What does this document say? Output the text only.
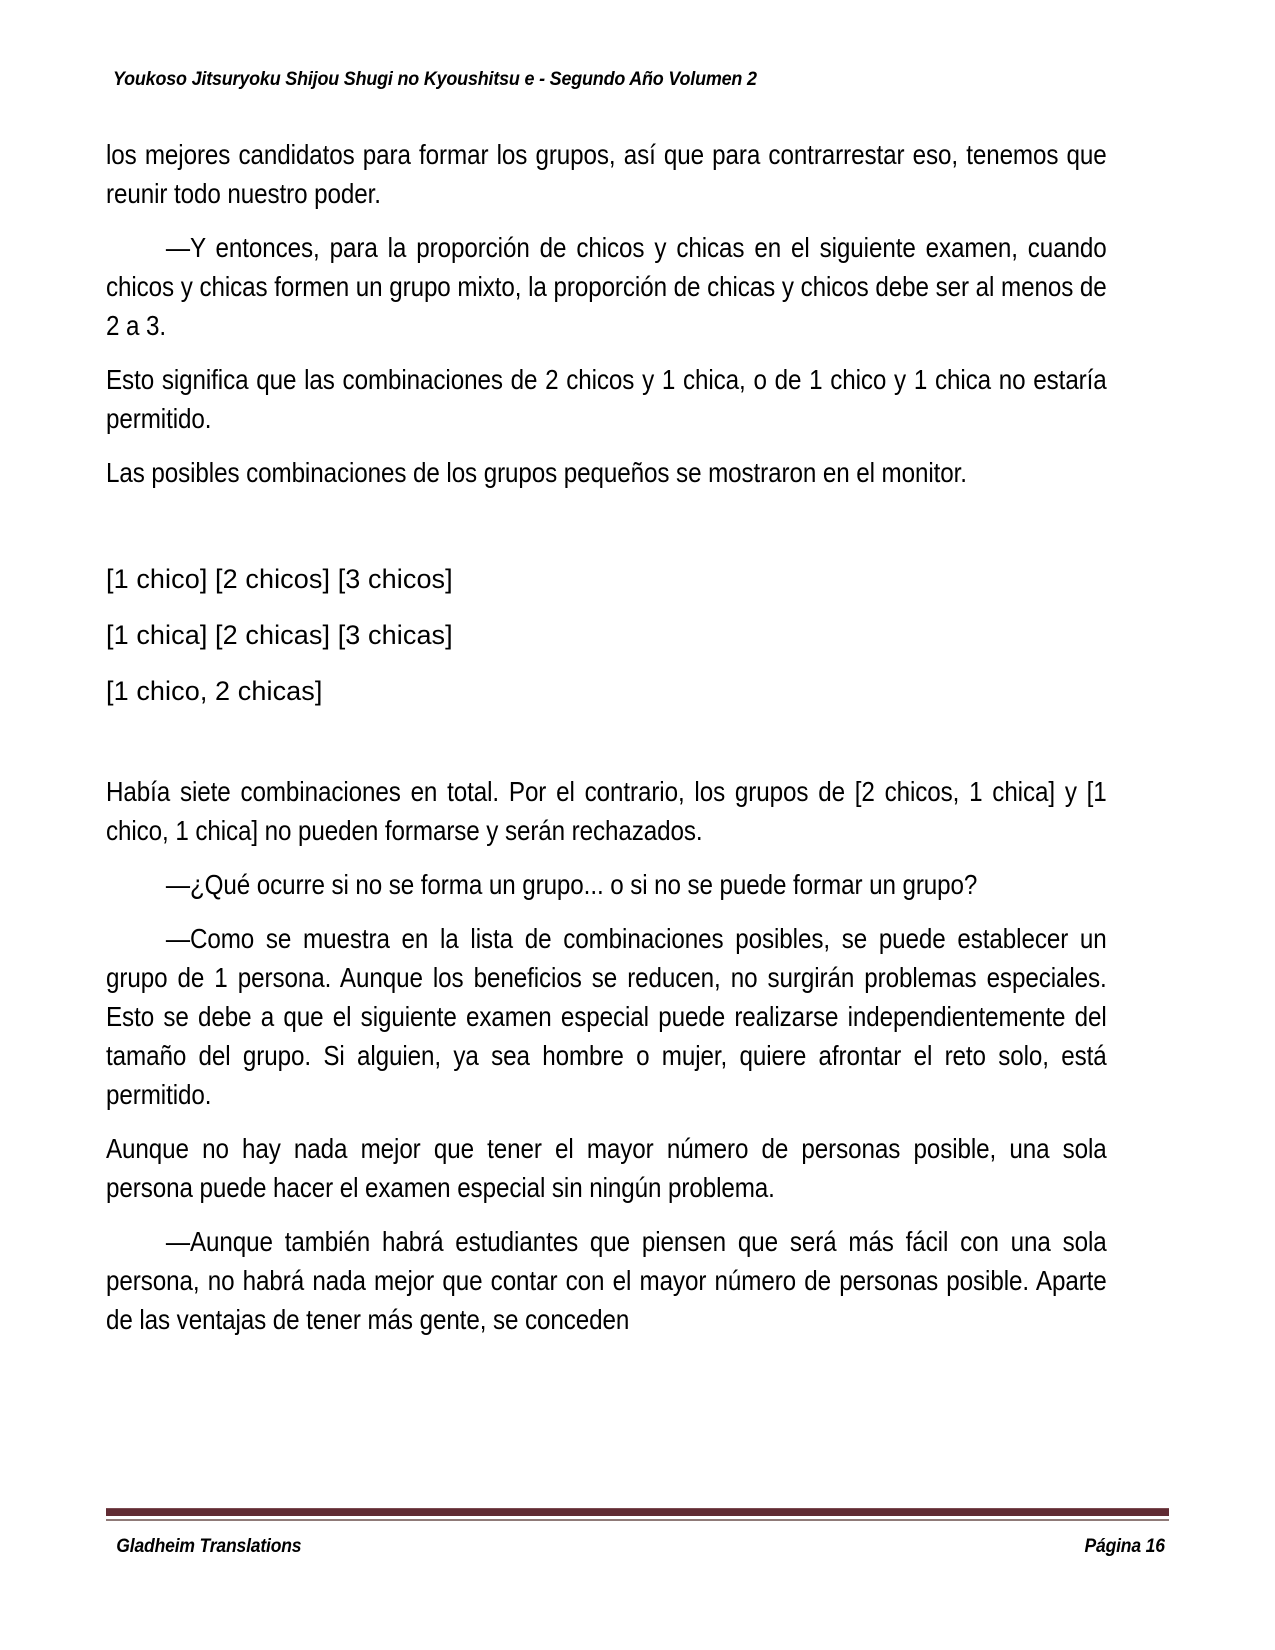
Youkoso Jitsuryoku Shijou Shugi no Kyoushitsu e - Segundo Año Volumen 2

los mejores candidatos para formar los grupos, así que para contrarrestar eso, tenemos que reunir todo nuestro poder.

—Y entonces, para la proporción de chicos y chicas en el siguiente examen, cuando chicos y chicas formen un grupo mixto, la proporción de chicas y chicos debe ser al menos de 2 a 3.

Esto significa que las combinaciones de 2 chicos y 1 chica, o de 1 chico y 1 chica no estaría permitido.

Las posibles combinaciones de los grupos pequeños se mostraron en el monitor.

[1 chico] [2 chicos] [3 chicos]
[1 chica] [2 chicas] [3 chicas]
[1 chico, 2 chicas]

Había siete combinaciones en total. Por el contrario, los grupos de [2 chicos, 1 chica] y [1 chico, 1 chica] no pueden formarse y serán rechazados.

—¿Qué ocurre si no se forma un grupo... o si no se puede formar un grupo?

—Como se muestra en la lista de combinaciones posibles, se puede establecer un grupo de 1 persona. Aunque los beneficios se reducen, no surgirán problemas especiales. Esto se debe a que el siguiente examen especial puede realizarse independientemente del tamaño del grupo. Si alguien, ya sea hombre o mujer, quiere afrontar el reto solo, está permitido.

Aunque no hay nada mejor que tener el mayor número de personas posible, una sola persona puede hacer el examen especial sin ningún problema.

—Aunque también habrá estudiantes que piensen que será más fácil con una sola persona, no habrá nada mejor que contar con el mayor número de personas posible. Aparte de las ventajas de tener más gente, se conceden

Gladheim Translations	Página 16
